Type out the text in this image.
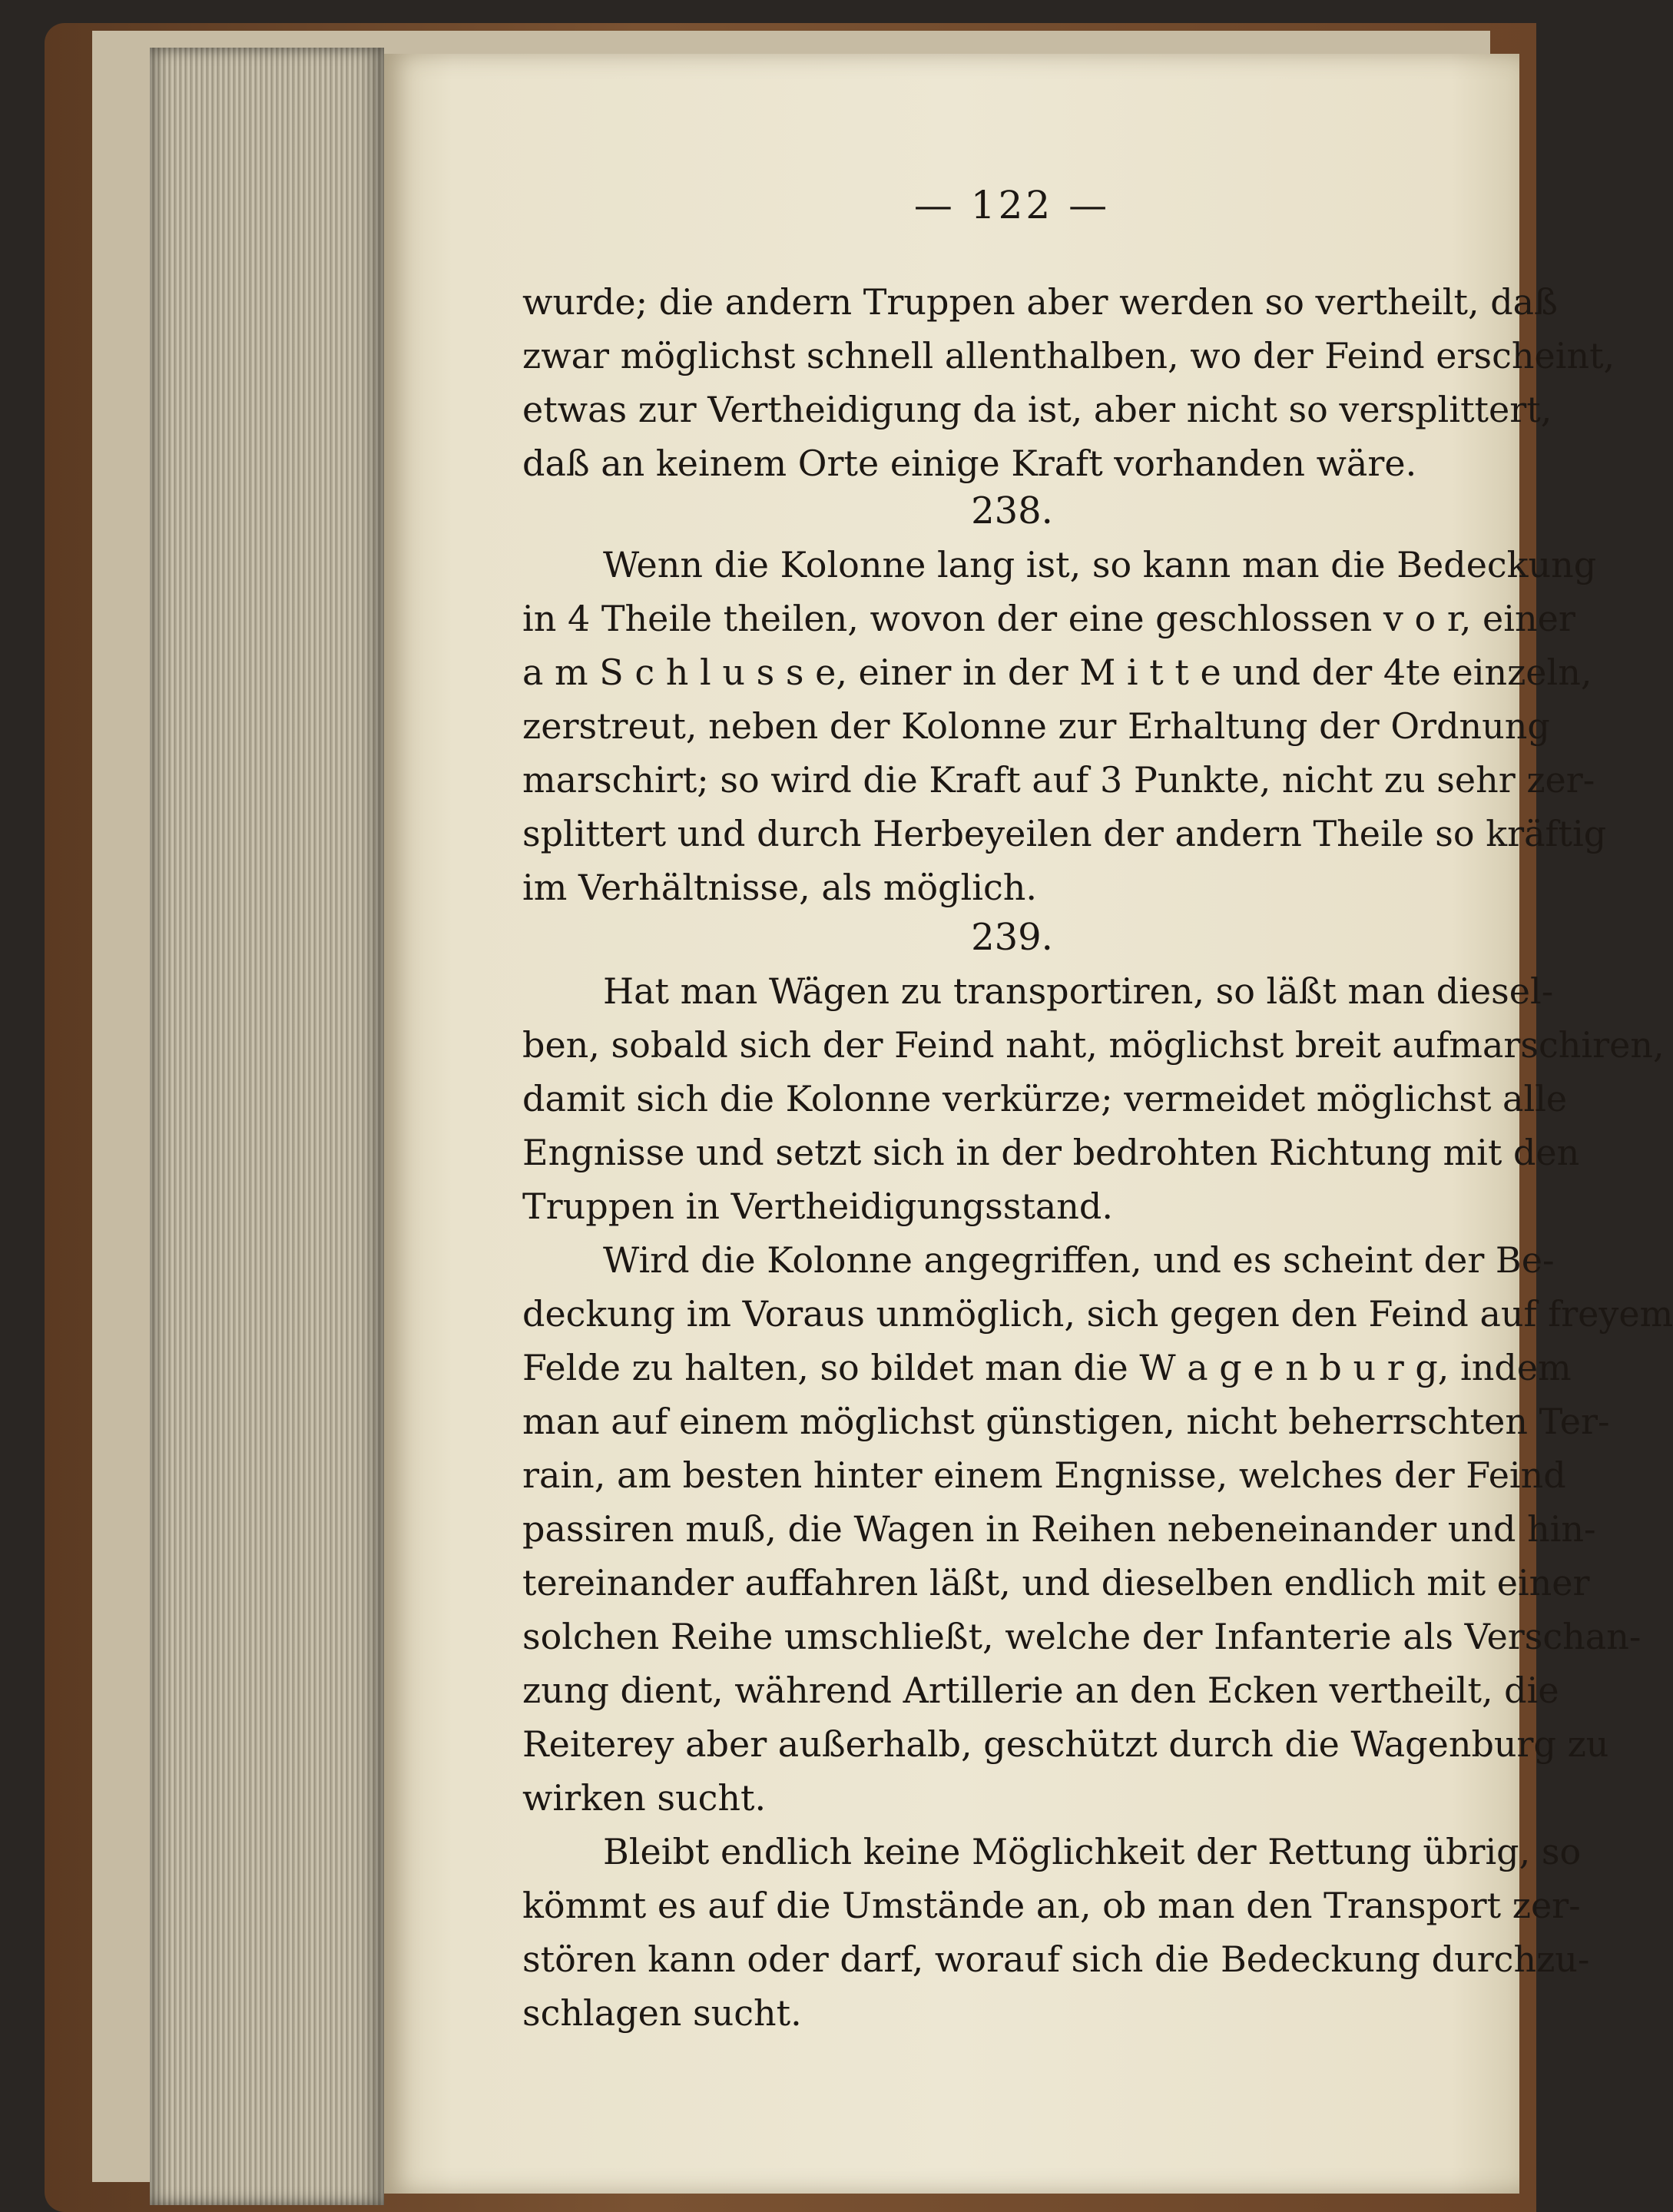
— 122 —
wurde; die andern Truppen aber werden so vertheilt, daß
zwar möglichst schnell allenthalben, wo der Feind erscheint,
etwas zur Vertheidigung da ist, aber nicht so versplittert,
daß an keinem Orte einige Kraft vorhanden wäre.
238.
Wenn die Kolonne lang ist, so kann man die Bedeckung
in 4 Theile theilen, wovon der eine geschlossen v o r, einer
a m S c h l u s s e, einer in der M i t t e und der 4te einzeln,
zerstreut, neben der Kolonne zur Erhaltung der Ordnung
marschirt; so wird die Kraft auf 3 Punkte, nicht zu sehr zer-
splittert und durch Herbeyeilen der andern Theile so kräftig
im Verhältnisse, als möglich.
239.
Hat man Wägen zu transportiren, so läßt man diesel-
ben, sobald sich der Feind naht, möglichst breit aufmarschiren,
damit sich die Kolonne verkürze; vermeidet möglichst alle
Engnisse und setzt sich in der bedrohten Richtung mit den
Truppen in Vertheidigungsstand.
Wird die Kolonne angegriffen, und es scheint der Be-
deckung im Voraus unmöglich, sich gegen den Feind auf freyem
Felde zu halten, so bildet man die W a g e n b u r g, indem
man auf einem möglichst günstigen, nicht beherrschten Ter-
rain, am besten hinter einem Engnisse, welches der Feind
passiren muß, die Wagen in Reihen nebeneinander und hin-
tereinander auffahren läßt, und dieselben endlich mit einer
solchen Reihe umschließt, welche der Infanterie als Verschan-
zung dient, während Artillerie an den Ecken vertheilt, die
Reiterey aber außerhalb, geschützt durch die Wagenburg zu
wirken sucht.
Bleibt endlich keine Möglichkeit der Rettung übrig, so
kömmt es auf die Umstände an, ob man den Transport zer-
stören kann oder darf, worauf sich die Bedeckung durchzu-
schlagen sucht.
